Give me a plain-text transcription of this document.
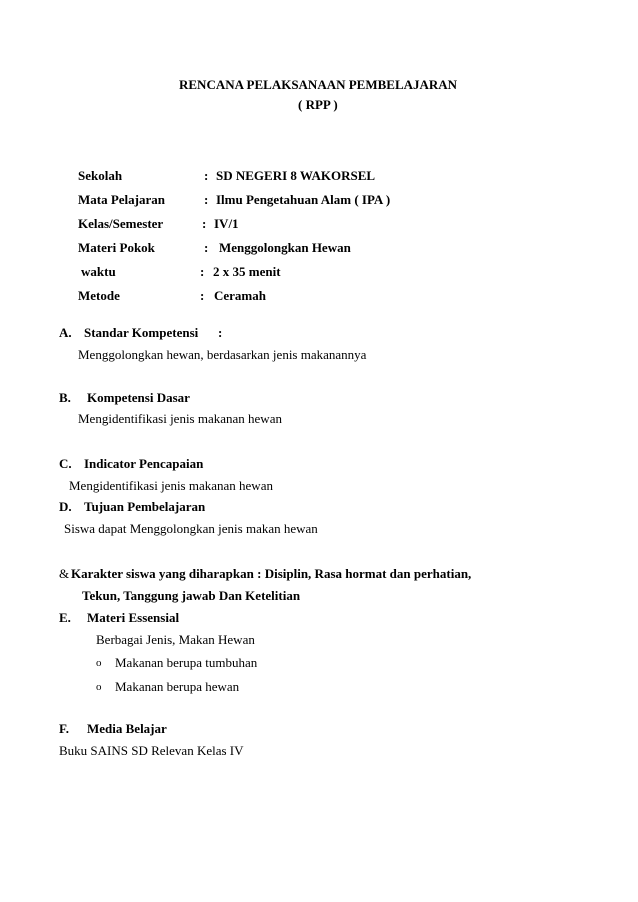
RENCANA PELAKSANAAN PEMBELAJARAN
( RPP )
Sekolah	: SD NEGERI 8 WAKORSEL
Mata Pelajaran	: Ilmu Pengetahuan Alam ( IPA )
Kelas/Semester	: IV/1
Materi Pokok	: Menggolongkan Hewan
waktu	: 2 x 35 menit
Metode	: Ceramah
A. Standar Kompetensi :
Menggolongkan hewan, berdasarkan jenis makanannya
B. Kompetensi Dasar
Mengidentifikasi jenis makanan hewan
C. Indicator Pencapaian
Mengidentifikasi jenis makanan hewan
D. Tujuan Pembelajaran
Siswa dapat Menggolongkan jenis makan hewan
& Karakter siswa yang diharapkan : Disiplin, Rasa hormat dan perhatian,
Tekun, Tanggung jawab Dan Ketelitian
E. Materi Essensial
Berbagai Jenis, Makan Hewan
o Makanan berupa tumbuhan
o Makanan berupa hewan
F. Media Belajar
Buku SAINS SD Relevan Kelas IV
